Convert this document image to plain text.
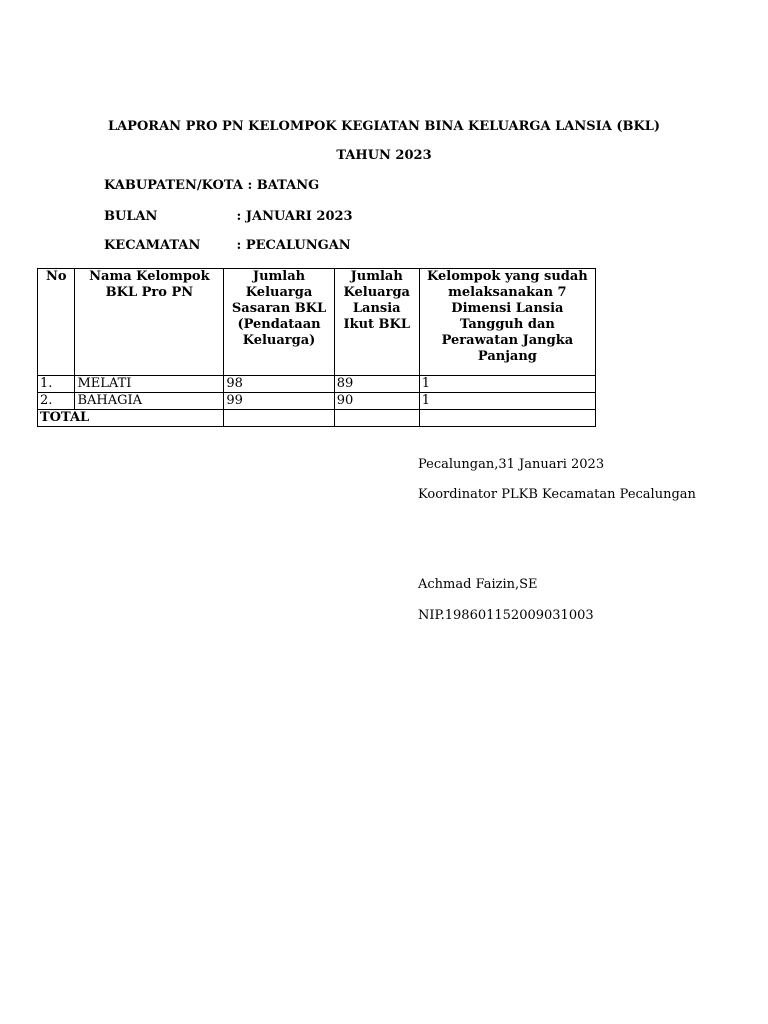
LAPORAN PRO PN KELOMPOK KEGIATAN BINA KELUARGA LANSIA (BKL)
TAHUN 2023
KABUPATEN/KOTA : BATANG
BULAN	: JANUARI 2023
KECAMATAN	: PECALUNGAN
No	Nama Kelompok BKL Pro PN	Jumlah Keluarga Sasaran BKL (Pendataan Keluarga)	Jumlah Keluarga Lansia Ikut BKL	Kelompok yang sudah melaksanakan 7 Dimensi Lansia Tangguh dan Perawatan Jangka Panjang
1.	MELATI	98	89	1
2.	BAHAGIA	99	90	1
TOTAL				
Pecalungan,31 Januari 2023
Koordinator PLKB Kecamatan Pecalungan
Achmad Faizin,SE
NIP.198601152009031003
